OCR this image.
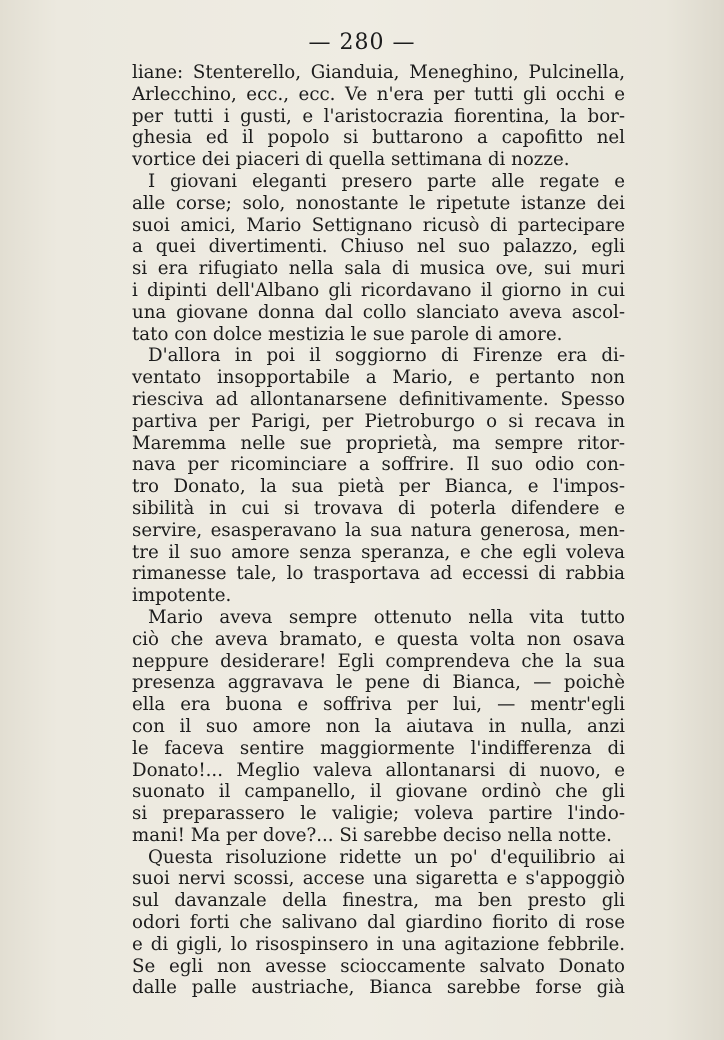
— 280 —
liane: Stenterello, Gianduia, Meneghino, Pulcinella,
Arlecchino, ecc., ecc. Ve n'era per tutti gli occhi e
per tutti i gusti, e l'aristocrazia fiorentina, la bor-
ghesia ed il popolo si buttarono a capofitto nel
vortice dei piaceri di quella settimana di nozze.
I giovani eleganti presero parte alle regate e
alle corse; solo, nonostante le ripetute istanze dei
suoi amici, Mario Settignano ricusò di partecipare
a quei divertimenti. Chiuso nel suo palazzo, egli
si era rifugiato nella sala di musica ove, sui muri
i dipinti dell'Albano gli ricordavano il giorno in cui
una giovane donna dal collo slanciato aveva ascol-
tato con dolce mestizia le sue parole di amore.
D'allora in poi il soggiorno di Firenze era di-
ventato insopportabile a Mario, e pertanto non
riesciva ad allontanarsene definitivamente. Spesso
partiva per Parigi, per Pietroburgo o si recava in
Maremma nelle sue proprietà, ma sempre ritor-
nava per ricominciare a soffrire. Il suo odio con-
tro Donato, la sua pietà per Bianca, e l'impos-
sibilità in cui si trovava di poterla difendere e
servire, esasperavano la sua natura generosa, men-
tre il suo amore senza speranza, e che egli voleva
rimanesse tale, lo trasportava ad eccessi di rabbia
impotente.
Mario aveva sempre ottenuto nella vita tutto
ciò che aveva bramato, e questa volta non osava
neppure desiderare! Egli comprendeva che la sua
presenza aggravava le pene di Bianca, — poichè
ella era buona e soffriva per lui, — mentr'egli
con il suo amore non la aiutava in nulla, anzi
le faceva sentire maggiormente l'indifferenza di
Donato!... Meglio valeva allontanarsi di nuovo, e
suonato il campanello, il giovane ordinò che gli
si preparassero le valigie; voleva partire l'indo-
mani! Ma per dove?... Si sarebbe deciso nella notte.
Questa risoluzione ridette un po' d'equilibrio ai
suoi nervi scossi, accese una sigaretta e s'appoggiò
sul davanzale della finestra, ma ben presto gli
odori forti che salivano dal giardino fiorito di rose
e di gigli, lo risospinsero in una agitazione febbrile.
Se egli non avesse scioccamente salvato Donato
dalle palle austriache, Bianca sarebbe forse già
